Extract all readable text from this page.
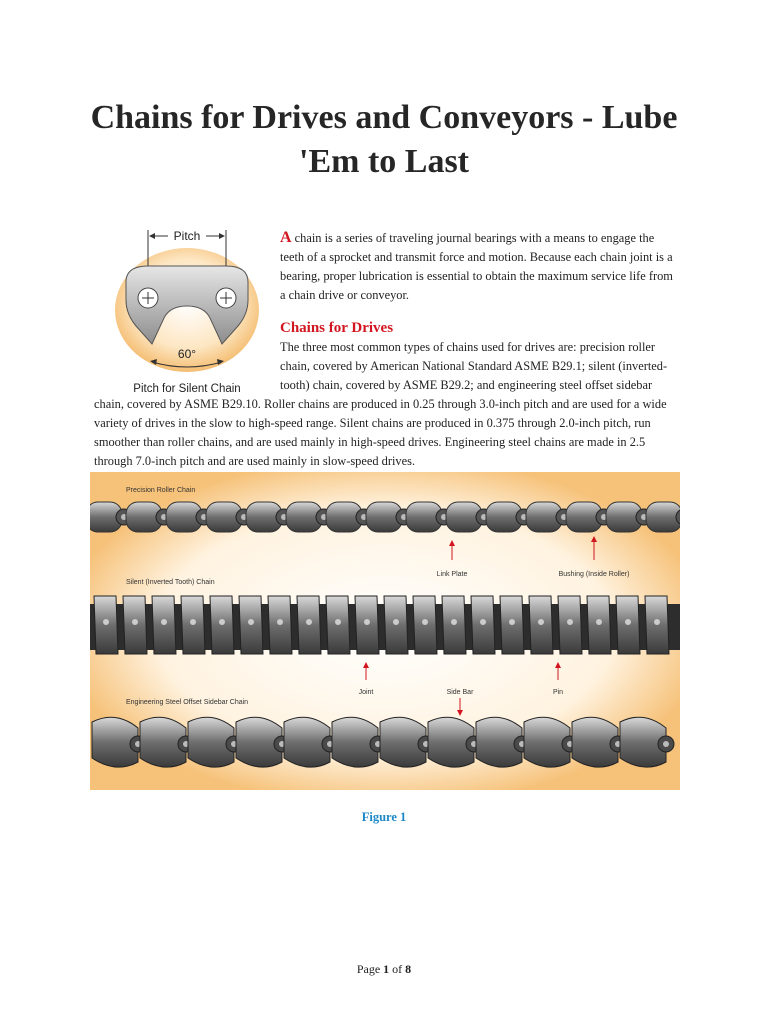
Chains for Drives and Conveyors - Lube 'Em to Last
Pitch
60°
Pitch for Silent Chain

A chain is a series of traveling journal bearings with a means to engage the teeth of a sprocket and transmit force and motion. Because each chain joint is a bearing, proper lubrication is essential to obtain the maximum service life from a chain drive or conveyor.

Chains for Drives

The three most common types of chains used for drives are: precision roller chain, covered by American National Standard ASME B29.1; silent (inverted-tooth) chain, covered by ASME B29.2; and engineering steel offset sidebar
chain, covered by ASME B29.10. Roller chains are produced in 0.25 through 3.0-inch pitch and are used for a wide variety of drives in the slow to high-speed range. Silent chains are produced in 0.375 through 2.0-inch pitch, run smoother than roller chains, and are used mainly in high-speed drives. Engineering steel chains are made in 2.5 through 7.0-inch pitch and are used mainly in slow-speed drives.

Precision Roller Chain
Silent (Inverted Tooth) Chain
Engineering Steel Offset Sidebar Chain
Link Plate	Bushing (Inside Roller)
Joint	Pin
Side Bar
Figure 1
Page 1 of 8
